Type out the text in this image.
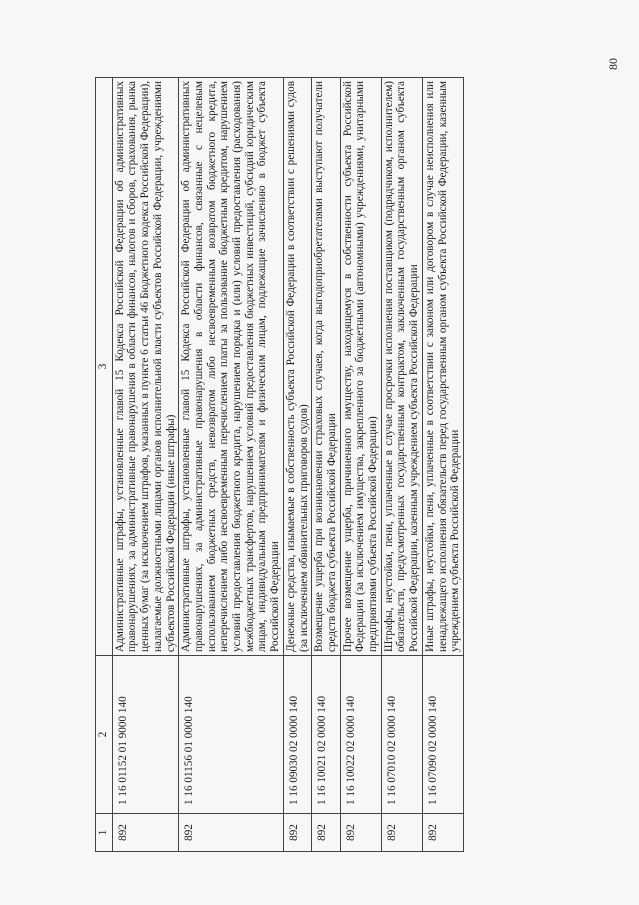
80
1	2	3
892	1 16 01152 01 9000 140	Административные штрафы, установленные главой 15 Кодекса Российской Федерации об административных правонарушениях, за административные правонарушения в области финансов, налогов и сборов, страхования, рынка ценных бумаг (за исключением штрафов, указанных в пункте 6 статьи 46 Бюджетного кодекса Российской Федерации), налагаемые должностными лицами органов исполнительной власти субъектов Российской Федерации, учреждениями субъектов Российской Федерации (иные штрафы)
892	1 16 01156 01 0000 140	Административные штрафы, установленные главой 15 Кодекса Российской Федерации об административных правонарушениях, за административные правонарушения в области финансов, связанные с нецелевым использованием бюджетных средств, невозвратом либо несвоевременным возвратом бюджетного кредита, неперечислением либо несвоевременным перечислением платы за пользование бюджетным кредитом, нарушением условий предоставления бюджетного кредита, нарушением порядка и (или) условий предоставления (расходования) межбюджетных трансфертов, нарушением условий предоставления бюджетных инвестиций, субсидий юридическим лицам, индивидуальным предпринимателям и физическим лицам, подлежащие зачислению в бюджет субъекта Российской Федерации
892	1 16 09030 02 0000 140	Денежные средства, изымаемые в собственность субъекта Российской Федерации в соответствии с решениями судов (за исключением обвинительных приговоров судов)
892	1 16 10021 02 0000 140	Возмещение ущерба при возникновении страховых случаев, когда выгодоприобретателями выступают получатели средств бюджета субъекта Российской Федерации
892	1 16 10022 02 0000 140	Прочее возмещение ущерба, причиненного имуществу, находящемуся в собственности субъекта Российской Федерации (за исключением имущества, закрепленного за бюджетными (автономными) учреждениями, унитарными предприятиями субъекта Российской Федерации)
892	1 16 07010 02 0000 140	Штрафы, неустойки, пени, уплаченные в случае просрочки исполнения поставщиком (подрядчиком, исполнителем) обязательств, предусмотренных государственным контрактом, заключенным государственным органом субъекта Российской Федерации, казенным учреждением субъекта Российской Федерации
892	1 16 07090 02 0000 140	Иные штрафы, неустойки, пени, уплаченные в соответствии с законом или договором в случае неисполнения или ненадлежащего исполнения обязательств перед государственным органом субъекта Российской Федерации, казенным учреждением субъекта Российской Федерации
